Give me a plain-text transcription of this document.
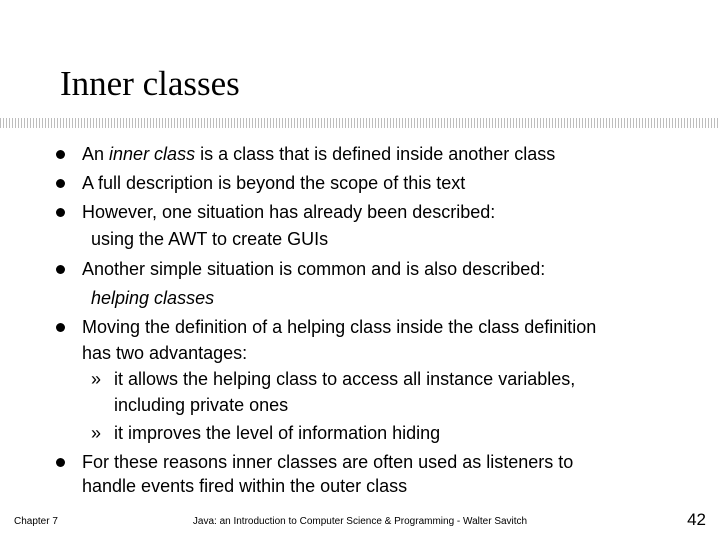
Inner classes
An inner class is a class that is defined inside another class
A full description is beyond the scope of this text
However, one situation has already been described:
using the AWT to create GUIs
Another simple situation is common and is also described:
helping classes
Moving the definition of a helping class inside the class definition
has two advantages:
» it allows the helping class to access all instance variables,
including private ones
» it improves the level of information hiding
For these reasons inner classes are often used as listeners to
handle events fired within the outer class
Chapter 7	Java: an Introduction to Computer Science & Programming - Walter Savitch	42
